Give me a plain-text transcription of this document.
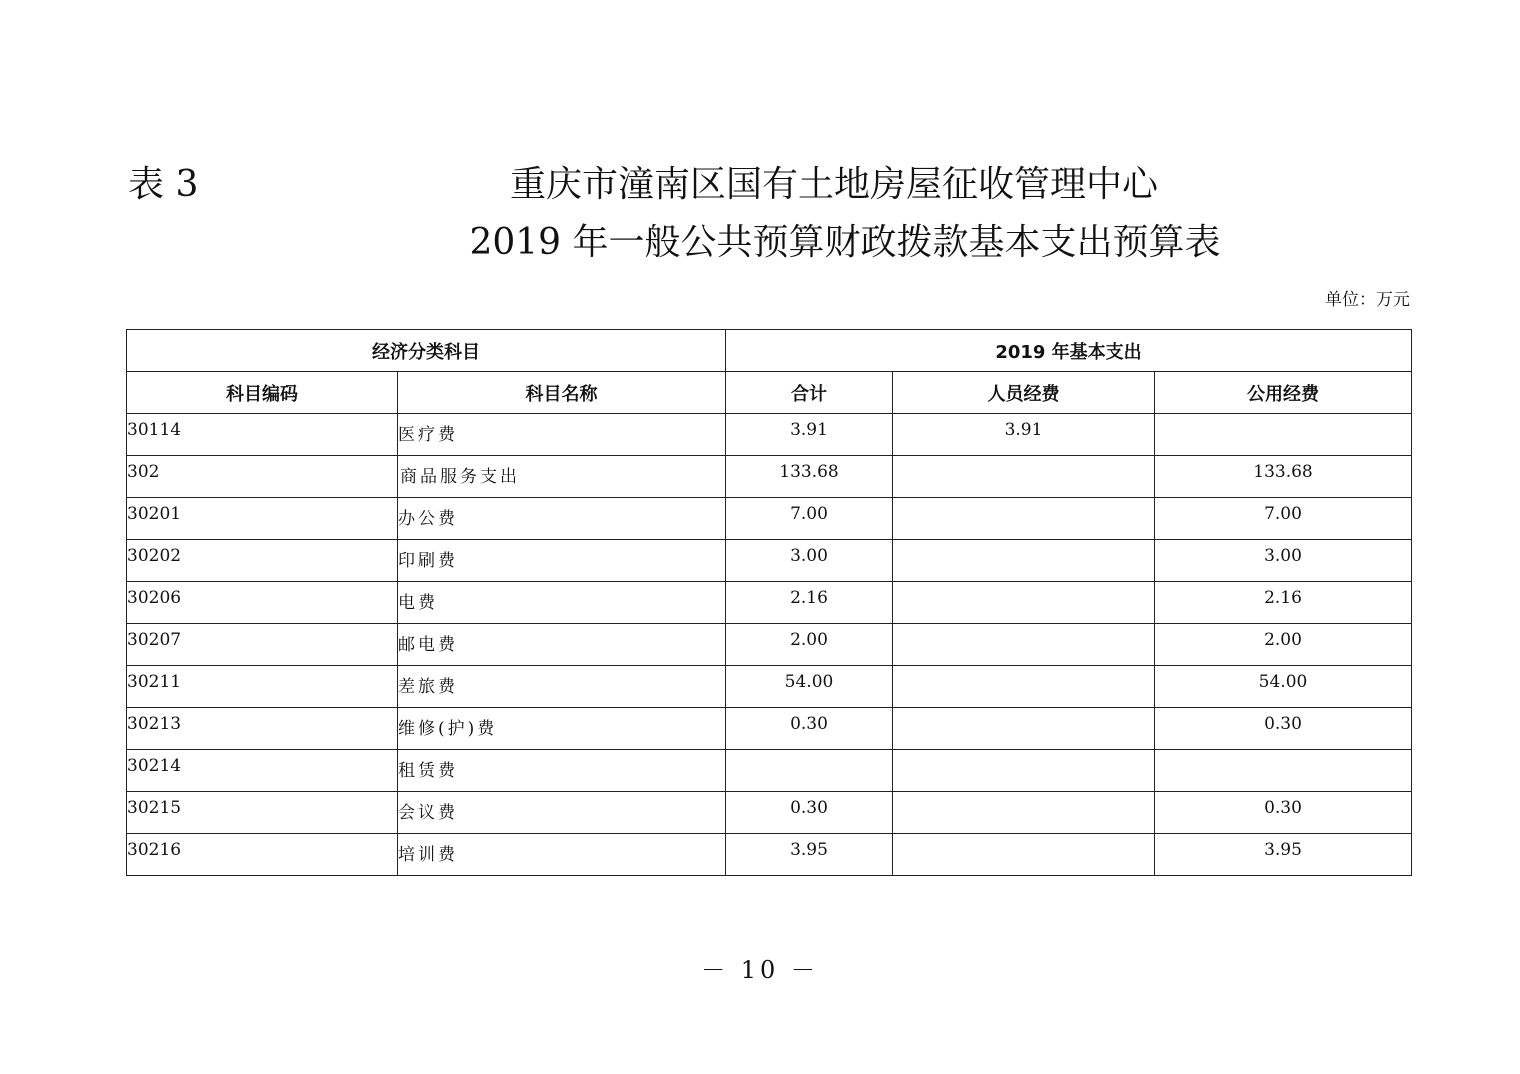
表 3	重庆市潼南区国有土地房屋征收管理中心
2019 年一般公共预算财政拨款基本支出预算表
单位：万元
经济分类科目		2019 年基本支出		
科目编码	科目名称	合计	人员经费	公用经费
30114	医疗费	3.91	3.91	
302	商品服务支出	133.68		133.68
30201	办公费	7.00		7.00
30202	印刷费	3.00		3.00
30206	电费	2.16		2.16
30207	邮电费	2.00		2.00
30211	差旅费	54.00		54.00
30213	维修(护)费	0.30		0.30
30214	租赁费			
30215	会议费	0.30		0.30
30216	培训费	3.95		3.95
－ 10 －
